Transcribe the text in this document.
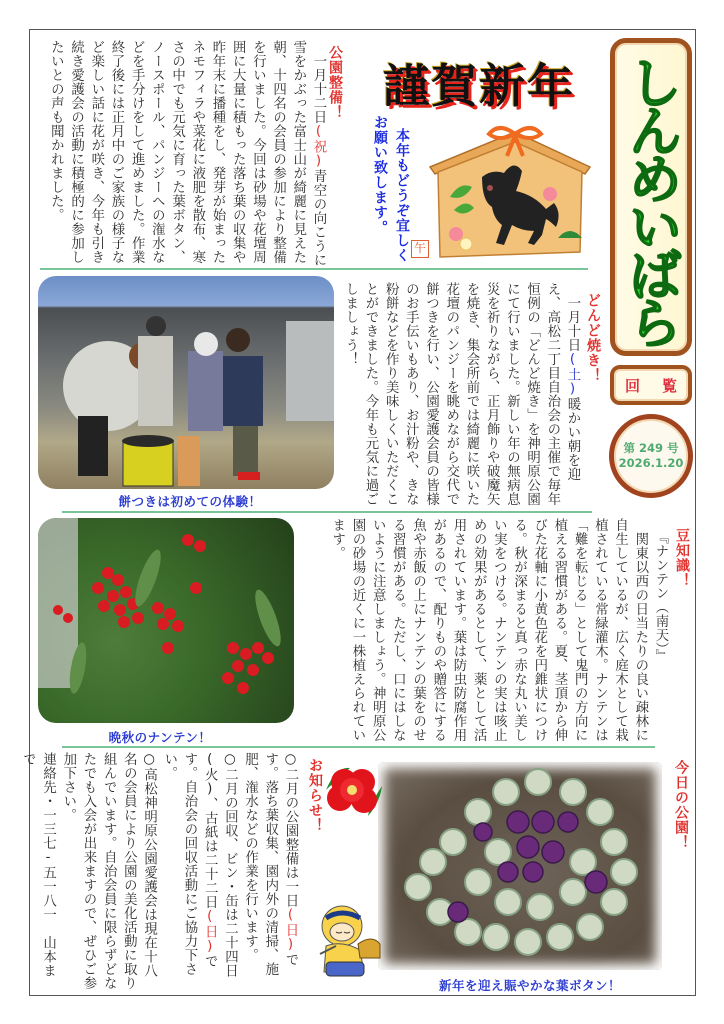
しんめいばら
回 覧
第 249 号
2026.1.20
謹賀新年
本年もどうぞ宜しく
お願い致します。
午
公園整備！
　一月十二日(祝)青空の向こうに雪をかぶった富士山が綺麗に見えた朝、十四名の会員の参加により整備を行いました。今回は砂場や花壇周囲に大量に積もった落ち葉の収集や昨年末に播種をし、発芽が始まったネモフィラや菜花に液肥を散布、寒さの中でも元気に育った葉ボタン、ノースポール、パンジーへの潅水などを手分けをして進めました。作業終了後には正月中のご家族の様子など楽しい話に花が咲き、今年も引き続き愛護会の活動に積極的に参加したいとの声も聞かれました。
餅つきは初めての体験！
どんど焼き！
　一月十日(土)暖かい朝を迎え、高松二丁目自治会の主催で毎年恒例の「どんど焼き」を神明原公園にて行いました。新しい年の無病息災を祈りながら、正月飾りや破魔矢を焼き、集会所前では綺麗に咲いた花壇のパンジーを眺めながら交代で餅つきを行い、公園愛護会員の皆様のお手伝いもあり、お汁粉や、きな粉餅などを作り美味しくいただくことができました。今年も元気に過ごしましょう！
晩秋のナンテン！
豆知識！
『ナンテン（南天）』
　関東以西の日当たりの良い疎林に自生しているが、広く庭木として栽植されている常緑灌木。ナンテンは「難を転じる」として鬼門の方向に植える習慣がある。夏、茎頂から伸びた花軸に小黄色花を円錐状につける。秋が深まると真っ赤な丸い美しい実をつける。ナンテンの実は咳止めの効果があるとして、薬として活用されています。葉は防虫防腐作用があるので、配りものや贈答にする魚や赤飯の上にナンテンの葉をのせる習慣がある。ただし、口にはしないように注意しましょう。神明原公園の砂場の近くに一株植えられています。
今日の公園！
新年を迎え賑やかな葉ボタン！
お知らせ！
○二月の公園整備は一日(日)です。落ち葉収集、園内外の清掃、施肥、潅水などの作業を行います。
○二月の回収、ビン・缶は二十四日(火)、古紙は二十二日(日)です。自治会の回収活動にご協力下さい。
○高松神明原公園愛護会は現在十八名の会員により公園の美化活動に取り組んでいます。自治会員に限らずどなたでも入会が出来ますので、ぜひご参加下さい。
連絡先・一三七-五一八一　山本まで
